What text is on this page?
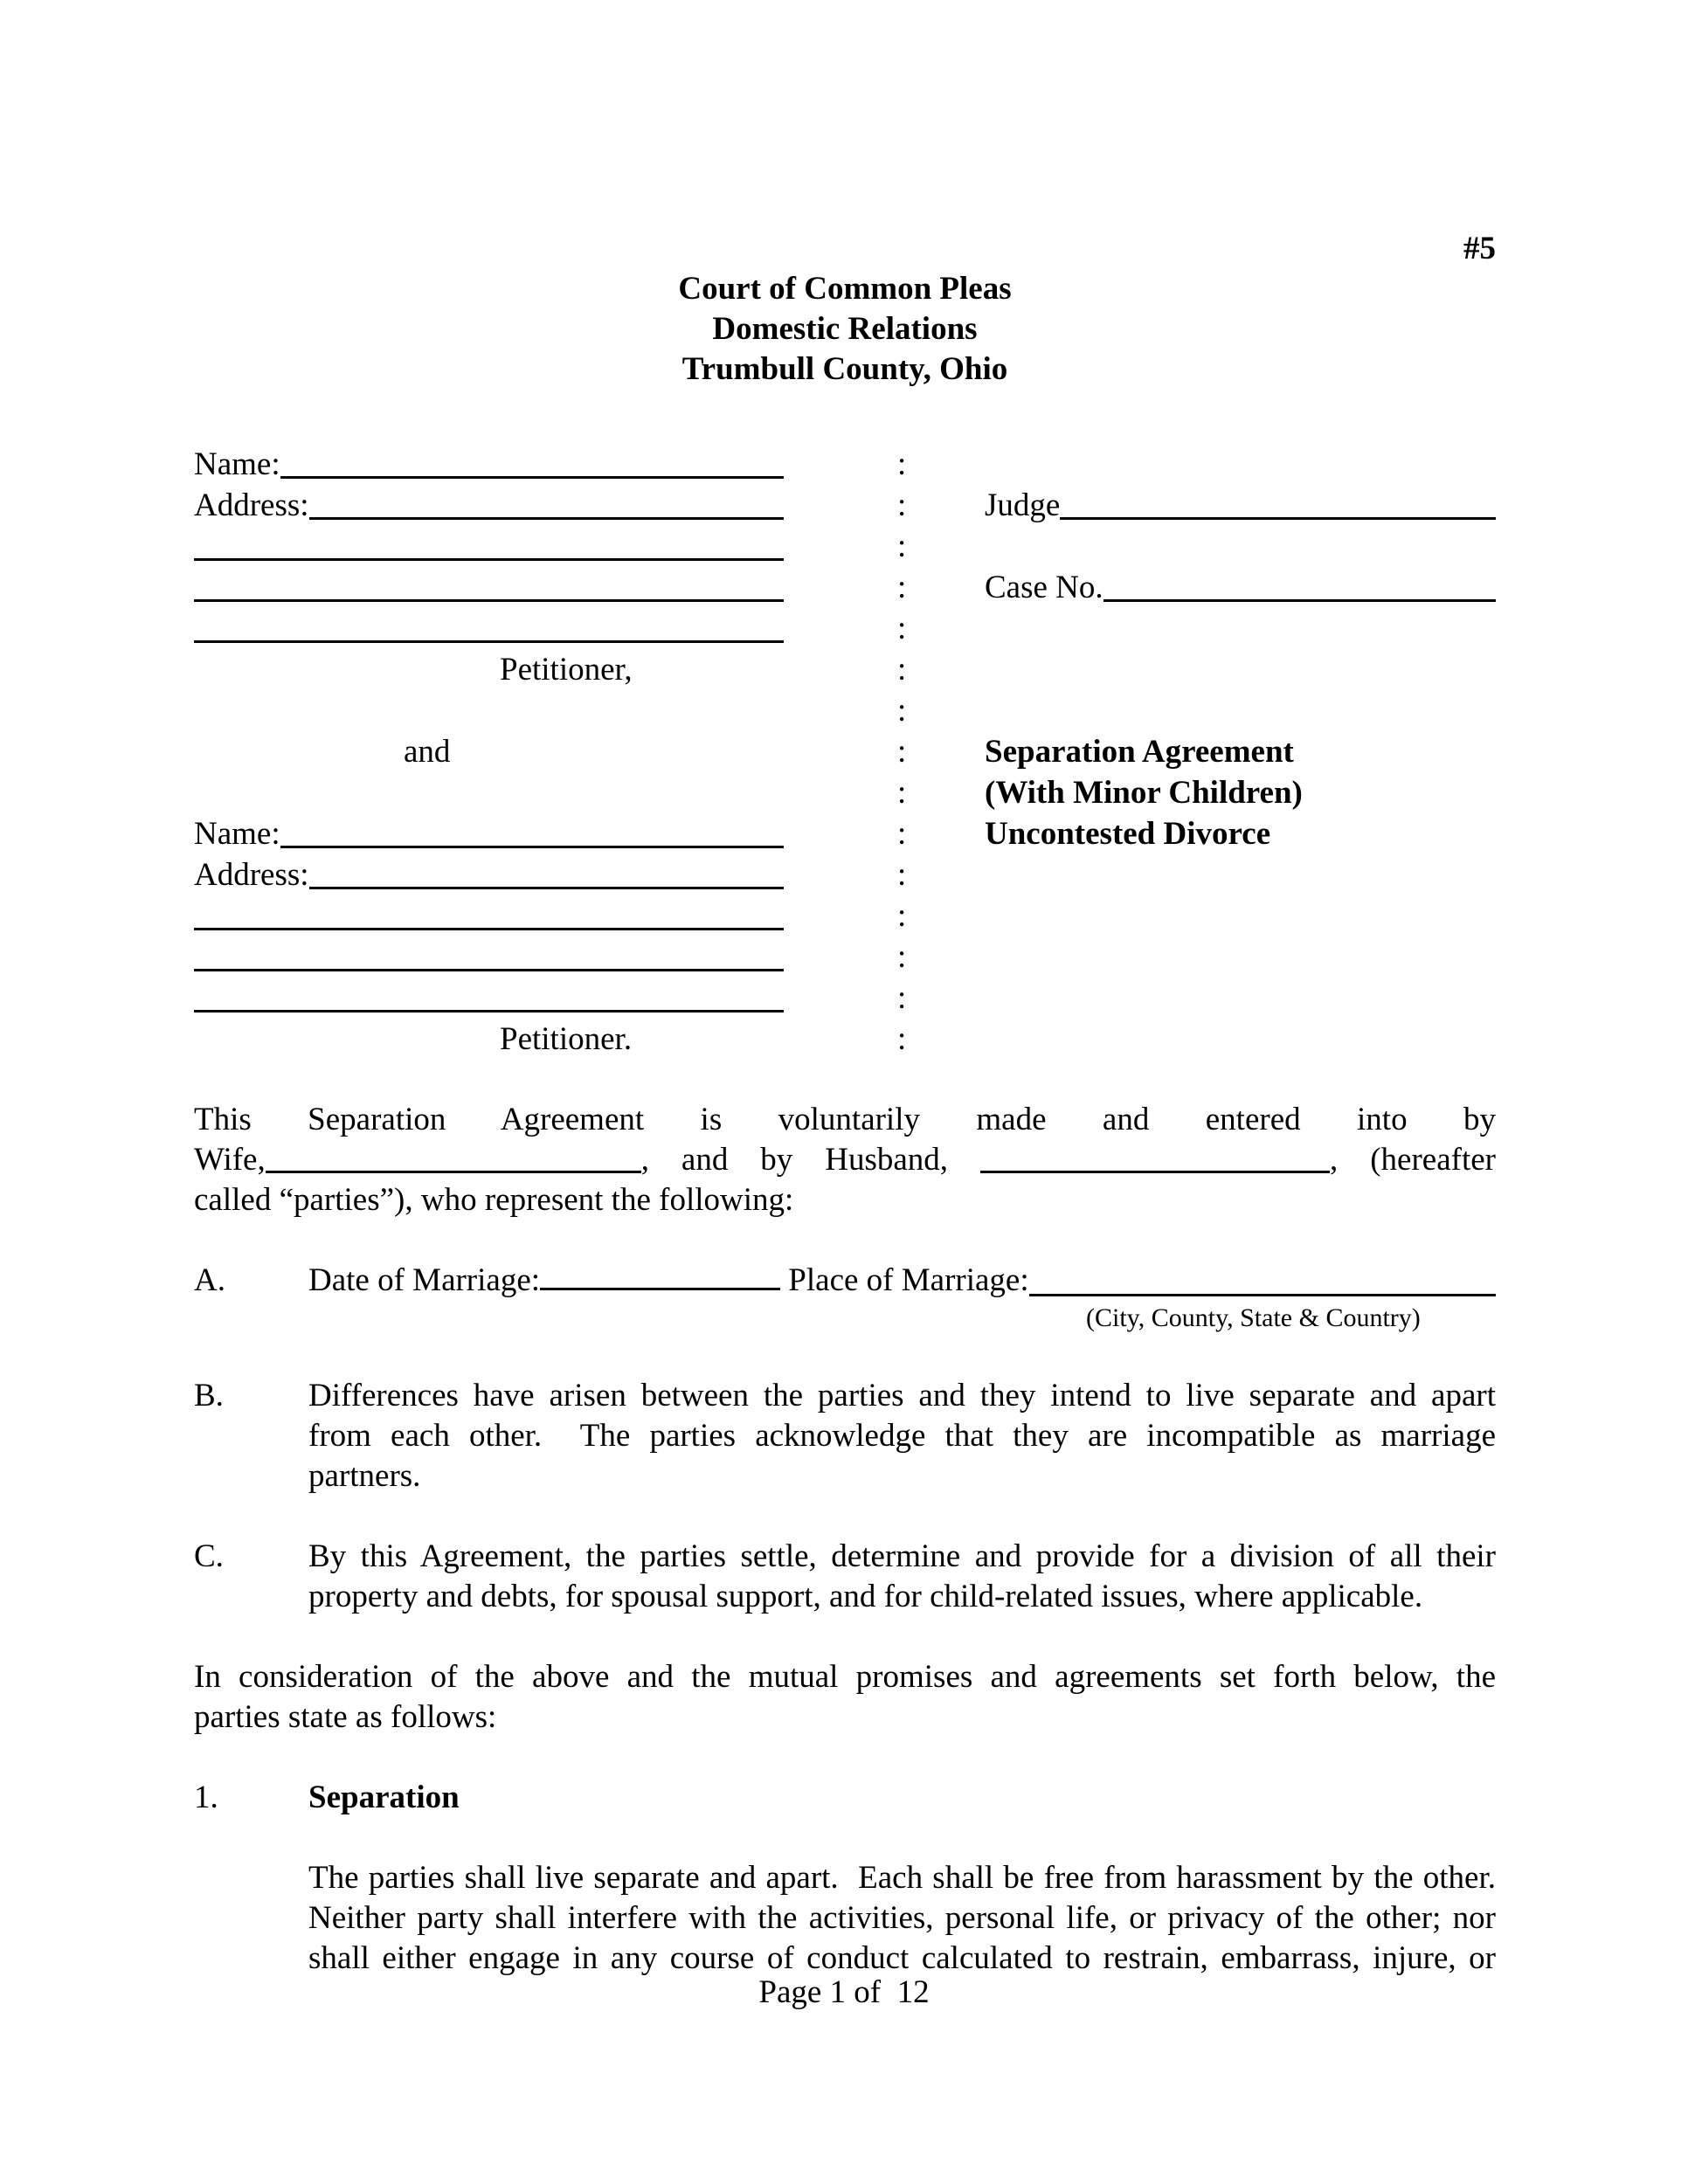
#5
Court of Common Pleas
Domestic Relations
Trumbull County, Ohio
Name:	:
Address:	:	Judge
:
:	Case No.
:
Petitioner,	:
:
and	:	Separation Agreement
:	(With Minor Children)
Name:	:	Uncontested Divorce
Address:	:
:
:
:
Petitioner.	:
This Separation Agreement is voluntarily made and entered into by
Wife,	, and by Husband,	, (hereafter
called “parties”), who represent the following:
A.	Date of Marriage:	Place of Marriage:
(City, County, State & Country)
B.	Differences have arisen between the parties and they intend to live separate and apart
from each other.  The parties acknowledge that they are incompatible as marriage
partners.
C.	By this Agreement, the parties settle, determine and provide for a division of all their
property and debts, for spousal support, and for child-related issues, where applicable.
In consideration of the above and the mutual promises and agreements set forth below, the
parties state as follows:
1.	Separation
The parties shall live separate and apart.  Each shall be free from harassment by the other.
Neither party shall interfere with the activities, personal life, or privacy of the other; nor
shall either engage in any course of conduct calculated to restrain, embarrass, injure, or
Page 1 of  12
